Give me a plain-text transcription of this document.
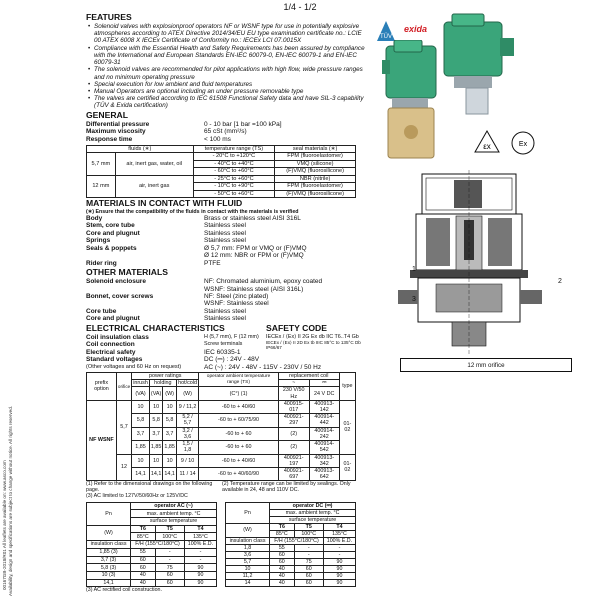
1/4 - 1/2
00167GB-2018/R01 All leaflets are available on: www.asco.com Availability, design and specifications are subject to change without notice. All rights reserved.
FEATURES
• Solenoid valves with explosionproof operators NF or WSNF type for use in potentially explosive atmospheres according to ATEX Directive 2014/34/EU EU type examination certificate no.: LCIE 00 ATEX 6008 X IECEx Certificate of Conformity no.: IECEx LCI 07.0015X
• Compliance with the Essential Health and Safety Requirements has been assured by compliance with the International and European Standards EN-IEC 60079-0, EN-IEC 60079-1 and EN-IEC 60079-31
• The solenoid valves are recommended for pilot applications with high flow, wide pressure ranges and no minimum operating pressure
• Special execution for low ambient and fluid temperatures
• Manual Operators are optional including an under pressure removable type
• The valves are certified according to IEC 61508 Functional Safety data and have SIL-3 capability (TÜV & Exida certification)
GENERAL
Differential pressure	0 - 10 bar [1 bar =100 kPa]
Maximum viscosity	65 cSt (mm²/s)
Response time	< 100 ms
fluids (∗)		temperature range (TS)	seal materials (∗)
5,7 mm	air, inert gas, water, oil	- 20°C to +120°C	FPM (fluoroelastomer)
		- 40°C to +40°C	VMQ (silicone)
		- 60°C to +60°C	(F)VMQ (fluorosilicone)
12 mm	air, inert gas	- 25°C to +60°C	NBR (nitrile)
		- 10°C to +90°C	FPM (fluoroelastomer)
		- 50°C to +60°C	(F)VMQ (fluorosilicone)
MATERIALS IN CONTACT WITH FLUID
(∗) Ensure that the compatibility of the fluids in contact with the materials is verified
Body	Brass or stainless steel AISI 316L
Stem, core tube	Stainless steel
Core and plugnut	Stainless steel
Springs	Stainless steel
Seals & poppets	Ø 5,7 mm: FPM or VMQ or (F)VMQ
Ø 12 mm: NBR or FPM or (F)VMQ
Rider ring	PTFE
OTHER MATERIALS
Solenoid enclosure	NF: Chromated aluminium, epoxy coated
WSNF: Stainless steel (AISI 316L)
Bonnet, cover screws	NF: Steel (zinc plated)
WSNF: Stainless steel
Core tube	Stainless steel
Core and plugnut	Stainless steel
ELECTRICAL CHARACTERISTICS	SAFETY CODE
Coil insulation class	H (5,7 mm), F (12 mm)
Coil connection	Screw terminals
Electrical safety	IEC 60335-1
Standard voltages	DC (⎓) : 24V - 48V
(Other voltages and 60 Hz on request)	AC (~) : 24V - 48V - 115V - 230V / 50 Hz
IECEx / ⟨Ex⟩ II 2G Ex db IIC T6..T4 Gb
IECEx / ⟨Ex⟩ II 2D Ex tb IIIC 85°C to 135°C Db IP66/67
prefix option	orifice	power ratings				operator ambient temperature range (TS)	replacement coil		type
		inrush	holding		hot/cold		~	⎓	
		(VA)	(VA)	(W)	(W)	(C°) (1)	230 V/50 Hz	24 V DC	
NF WSNF	5,7	10	10	10	9 / 11,2	-60 to + 40/60	400915-017	400913-142	01-02
		5,8	5,8	5,8	5,2 / 5,7	-60 to + 60/75/90	400921-297	400914-442	
		3,7	3,7	3,7	3,2 / 3,6	-60 to + 60	(2)	400914-242	
		1,85	1,85	1,85	1,5 / 1,8	-60 to + 60	(2)	400914-542	
	12	10	10	10	9 / 10	-60 to + 40/60	400921-197	400913-342	01-02
		14,1	14,1	14,1	11 / 14	-60 to + 40/60/90	400921-697	400913-642	
(1) Refer to the dimensional drawings on the following page.
(2) Temperature range can be limited by sealings. Only available in 24, 48 and 110V DC.
(3) AC limited to 127V/50/60Hz or 125V/DC
Pn	operator AC (~)		
	max. ambient temp. °C		
	surface temperature		
(W)	T6	T5	T4
	85°C	100°C	135°C
insulation class	F/H (155°C/180°C)		100% E.D.
1,85 (3)	55	-	-
3,7 (3)	60	-	-
5,8 (3)	60	75	90
10 (3)	40	60	90
14,1	40	60	90
Pn	operator DC (⎓)		
	max. ambient temp. °C		
	surface temperature		
(W)	T6	T5	T4
	85°C	100°C	135°C
insulation class	F/H (155°C/180°C)		100% E.D.
1,8	55	-	-
3,6	60	-	-
5,7	60	75	90
10	40	60	90
11,2	40	60	90
14	40	60	90
(3) AC rectified coil construction.
TÜV
exida
εx	Ex
1
2
3
12 mm orifice
